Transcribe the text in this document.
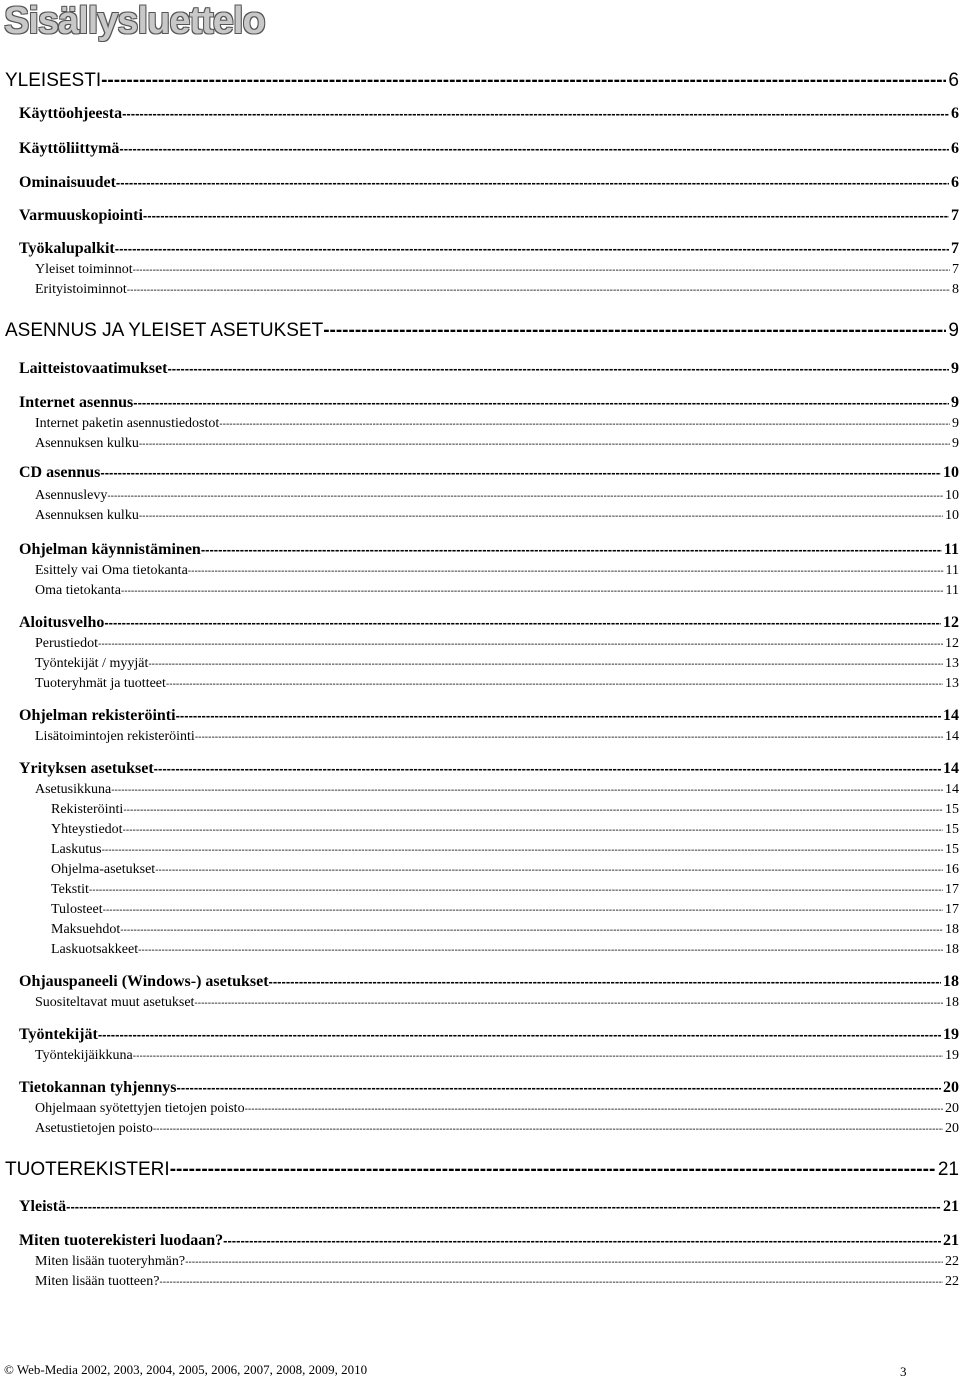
Sisällysluettelo
YLEISESTI -----	6
Käyttöohjeesta -----	6
Käyttöliittymä -----	6
Ominaisuudet -----	6
Varmuuskopiointi -----	7
Työkalupalkit -----	7
Yleiset toiminnot -----	7
Erityistoiminnot -----	8
ASENNUS JA YLEISET ASETUKSET -----	9
Laitteistovaatimukset -----	9
Internet asennus -----	9
Internet paketin asennustiedostot -----	9
Asennuksen kulku -----	9
CD asennus -----	10
Asennuslevy -----	10
Asennuksen kulku -----	10
Ohjelman käynnistäminen -----	11
Esittely vai Oma tietokanta -----	11
Oma tietokanta -----	11
Aloitusvelho -----	12
Perustiedot -----	12
Työntekijät / myyjät -----	13
Tuoteryhmät ja tuotteet -----	13
Ohjelman rekisteröinti -----	14
Lisätoimintojen rekisteröinti -----	14
Yrityksen asetukset -----	14
Asetusikkuna -----	14
Rekisteröinti -----	15
Yhteystiedot -----	15
Laskutus -----	15
Ohjelma-asetukset -----	16
Tekstit -----	17
Tulosteet -----	17
Maksuehdot -----	18
Laskuotsakkeet -----	18
Ohjauspaneeli (Windows-) asetukset -----	18
Suositeltavat muut asetukset -----	18
Työntekijät -----	19
Työntekijäikkuna -----	19
Tietokannan tyhjennys -----	20
Ohjelmaan syötettyjen tietojen poisto -----	20
Asetustietojen poisto -----	20
TUOTEREKISTERI -----	21
Yleistä -----	21
Miten tuoterekisteri luodaan? -----	21
Miten lisään tuoteryhmän? -----	22
Miten lisään tuotteen? -----	22
© Web-Media 2002, 2003, 2004, 2005, 2006, 2007, 2008, 2009, 2010	3
